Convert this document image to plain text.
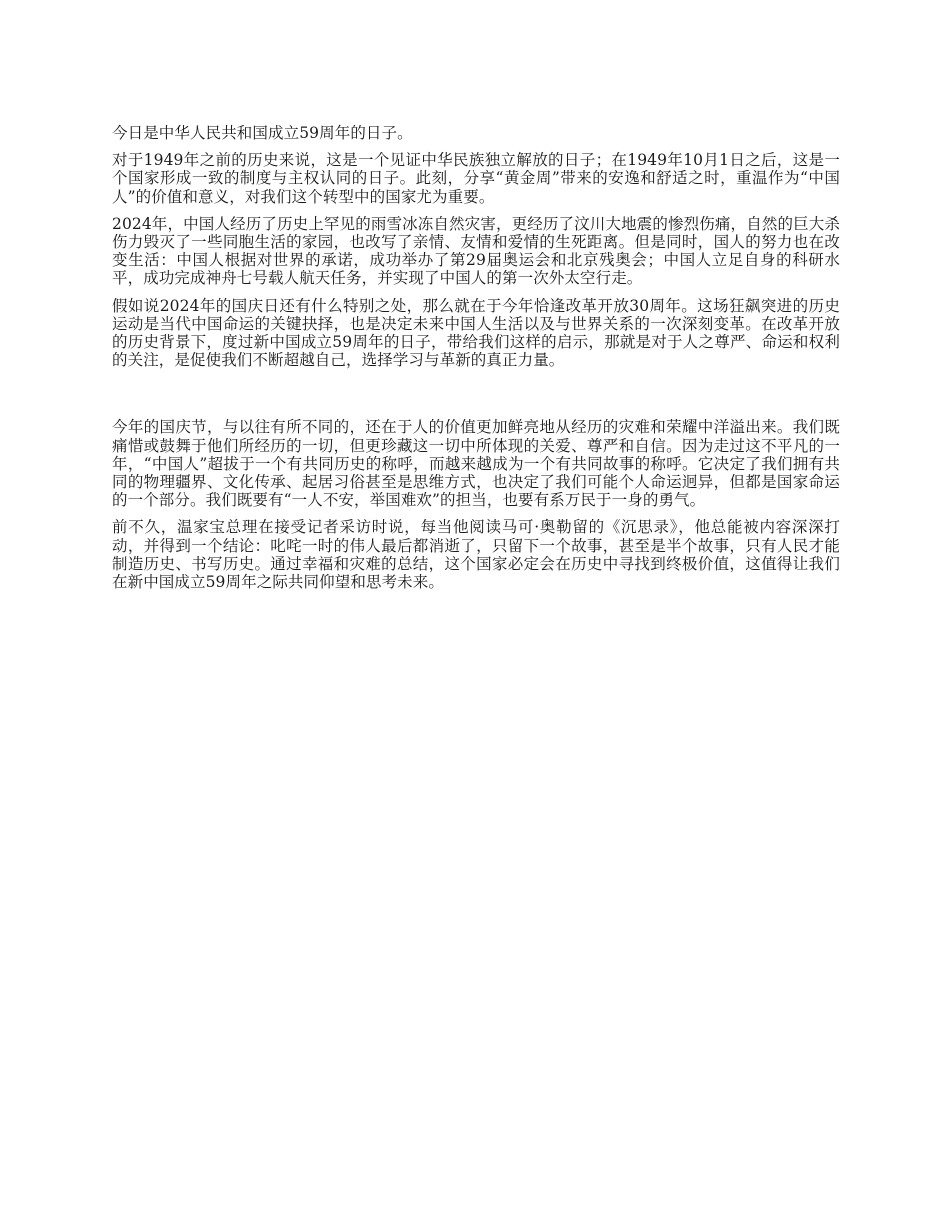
今日是中华人民共和国成立59周年的日子。

对于1949年之前的历史来说，这是一个见证中华民族独立解放的日子；在1949年10月1日之后，这是一个国家形成一致的制度与主权认同的日子。此刻，分享“黄金周”带来的安逸和舒适之时，重温作为“中国人”的价值和意义，对我们这个转型中的国家尤为重要。

2024年，中国人经历了历史上罕见的雨雪冰冻自然灾害，更经历了汶川大地震的惨烈伤痛，自然的巨大杀伤力毁灭了一些同胞生活的家园，也改写了亲情、友情和爱情的生死距离。但是同时，国人的努力也在改变生活：中国人根据对世界的承诺，成功举办了第29届奥运会和北京残奥会；中国人立足自身的科研水平，成功完成神舟七号载人航天任务，并实现了中国人的第一次外太空行走。

假如说2024年的国庆日还有什么特别之处，那么就在于今年恰逢改革开放30周年。这场狂飙突进的历史运动是当代中国命运的关键抉择，也是决定未来中国人生活以及与世界关系的一次深刻变革。在改革开放的历史背景下，度过新中国成立59周年的日子，带给我们这样的启示，那就是对于人之尊严、命运和权利的关注，是促使我们不断超越自己，选择学习与革新的真正力量。

今年的国庆节，与以往有所不同的，还在于人的价值更加鲜亮地从经历的灾难和荣耀中洋溢出来。我们既痛惜或鼓舞于他们所经历的一切，但更珍藏这一切中所体现的关爱、尊严和自信。因为走过这不平凡的一年，“中国人”超拔于一个有共同历史的称呼，而越来越成为一个有共同故事的称呼。它决定了我们拥有共同的物理疆界、文化传承、起居习俗甚至是思维方式，也决定了我们可能个人命运迥异，但都是国家命运的一个部分。我们既要有“一人不安，举国难欢”的担当，也要有系万民于一身的勇气。

前不久，温家宝总理在接受记者采访时说，每当他阅读马可·奥勒留的《沉思录》，他总能被内容深深打动，并得到一个结论：叱咤一时的伟人最后都消逝了，只留下一个故事，甚至是半个故事，只有人民才能制造历史、书写历史。通过幸福和灾难的总结，这个国家必定会在历史中寻找到终极价值，这值得让我们在新中国成立59周年之际共同仰望和思考未来。
